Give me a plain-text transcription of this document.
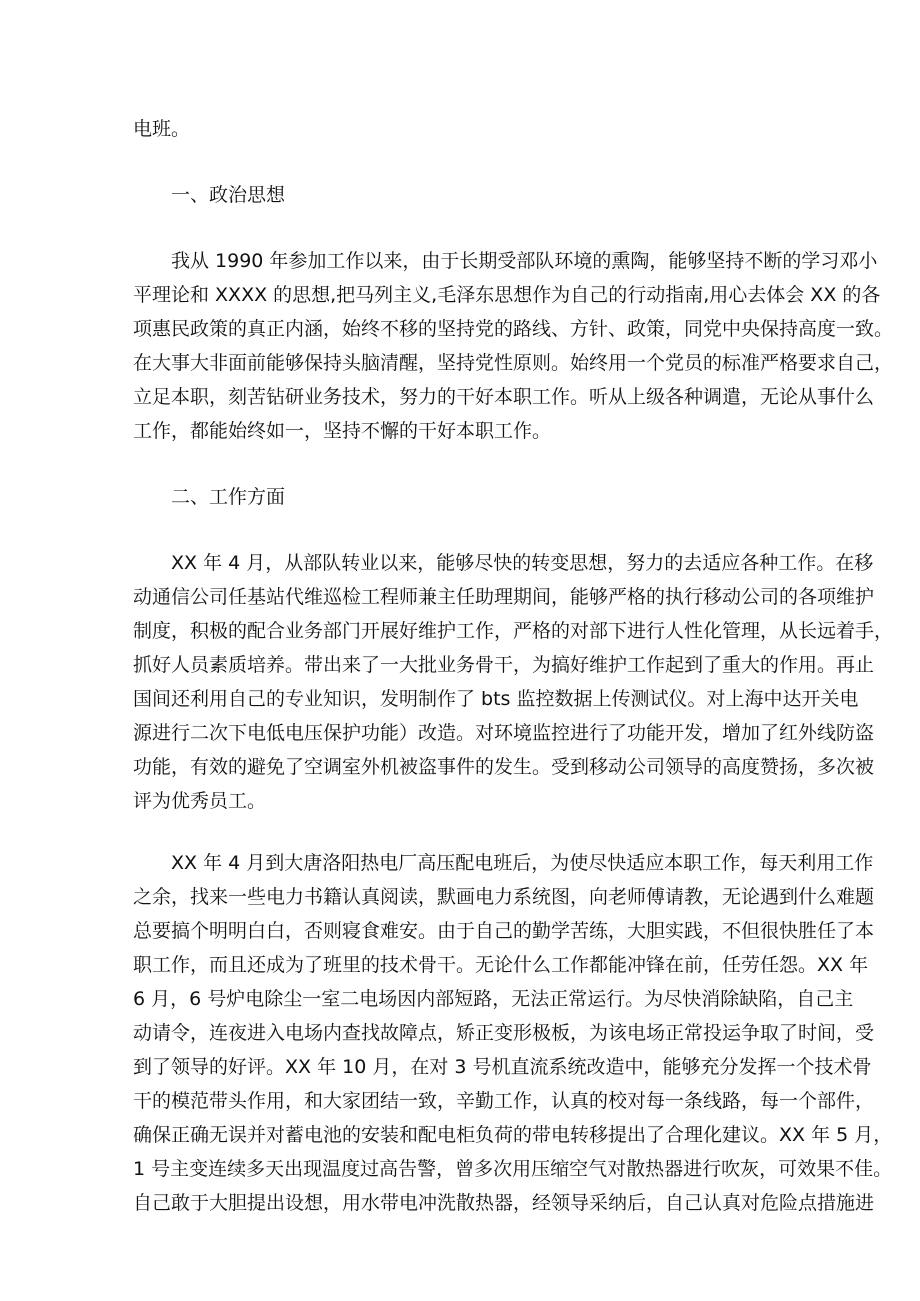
电班。
一、政治思想
我从 1990 年参加工作以来，由于长期受部队环境的熏陶，能够坚持不断的学习邓小
平理论和 XXXX 的思想,把马列主义,毛泽东思想作为自己的行动指南,用心去体会 XX 的各
项惠民政策的真正内涵，始终不移的坚持党的路线、方针、政策，同党中央保持高度一致。
在大事大非面前能够保持头脑清醒，坚持党性原则。始终用一个党员的标准严格要求自己，
立足本职，刻苦钻研业务技术，努力的干好本职工作。听从上级各种调遣，无论从事什么
工作，都能始终如一，坚持不懈的干好本职工作。
二、工作方面
XX 年 4 月，从部队转业以来，能够尽快的转变思想，努力的去适应各种工作。在移
动通信公司任基站代维巡检工程师兼主任助理期间，能够严格的执行移动公司的各项维护
制度，积极的配合业务部门开展好维护工作，严格的对部下进行人性化管理，从长远着手，
抓好人员素质培养。带出来了一大批业务骨干，为搞好维护工作起到了重大的作用。再止
国间还利用自己的专业知识，发明制作了 bts 监控数据上传测试仪。对上海中达开关电
源进行二次下电低电压保护功能）改造。对环境监控进行了功能开发，增加了红外线防盗
功能，有效的避免了空调室外机被盗事件的发生。受到移动公司领导的高度赞扬，多次被
评为优秀员工。
XX 年 4 月到大唐洛阳热电厂高压配电班后，为使尽快适应本职工作，每天利用工作
之余，找来一些电力书籍认真阅读，默画电力系统图，向老师傅请教，无论遇到什么难题
总要搞个明明白白，否则寝食难安。由于自己的勤学苦练，大胆实践，不但很快胜任了本
职工作，而且还成为了班里的技术骨干。无论什么工作都能冲锋在前，任劳任怨。XX 年
6 月，6 号炉电除尘一室二电场因内部短路，无法正常运行。为尽快消除缺陷，自己主
动请令，连夜进入电场内查找故障点，矫正变形极板，为该电场正常投运争取了时间，受
到了领导的好评。XX 年 10 月，在对 3 号机直流系统改造中，能够充分发挥一个技术骨
干的模范带头作用，和大家团结一致，辛勤工作，认真的校对每一条线路，每一个部件，
确保正确无误并对蓄电池的安装和配电柜负荷的带电转移提出了合理化建议。XX 年 5 月，
1 号主变连续多天出现温度过高告警，曾多次用压缩空气对散热器进行吹灰，可效果不佳。
自己敢于大胆提出设想，用水带电冲洗散热器，经领导采纳后，自己认真对危险点措施进
